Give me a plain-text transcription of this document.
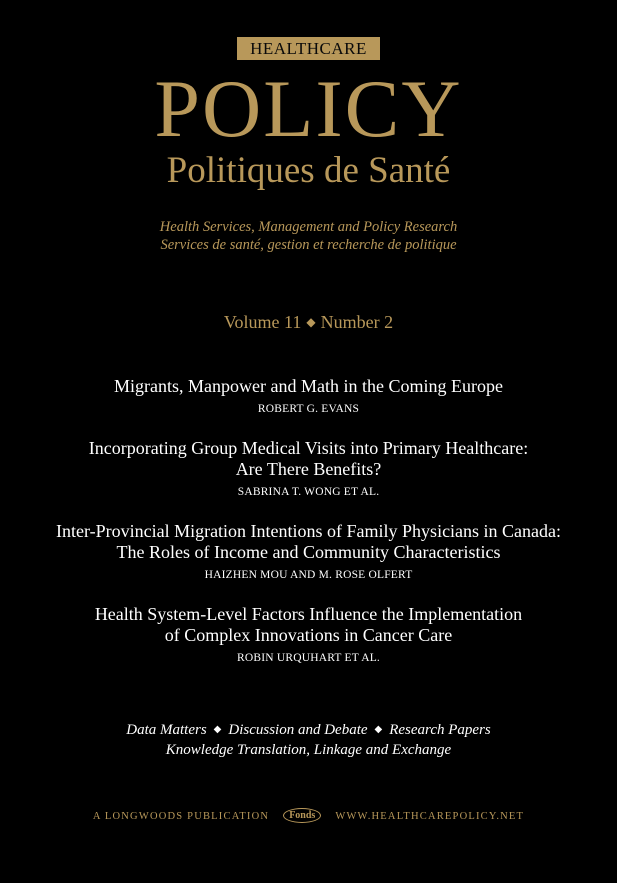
HEALTHCARE
POLICY
Politiques de Santé
Health Services, Management and Policy Research
Services de santé, gestion et recherche de politique
Volume 11 ◆ Number 2
Migrants, Manpower and Math in the Coming Europe
ROBERT G. EVANS
Incorporating Group Medical Visits into Primary Healthcare:
Are There Benefits?
SABRINA T. WONG ET AL.
Inter-Provincial Migration Intentions of Family Physicians in Canada:
The Roles of Income and Community Characteristics
HAIZHEN MOU AND M. ROSE OLFERT
Health System-Level Factors Influence the Implementation
of Complex Innovations in Cancer Care
ROBIN URQUHART ET AL.
Data Matters ◆ Discussion and Debate ◆ Research Papers
Knowledge Translation, Linkage and Exchange
A LONGWOODS PUBLICATION Fonds WWW.HEALTHCAREPOLICY.NET
